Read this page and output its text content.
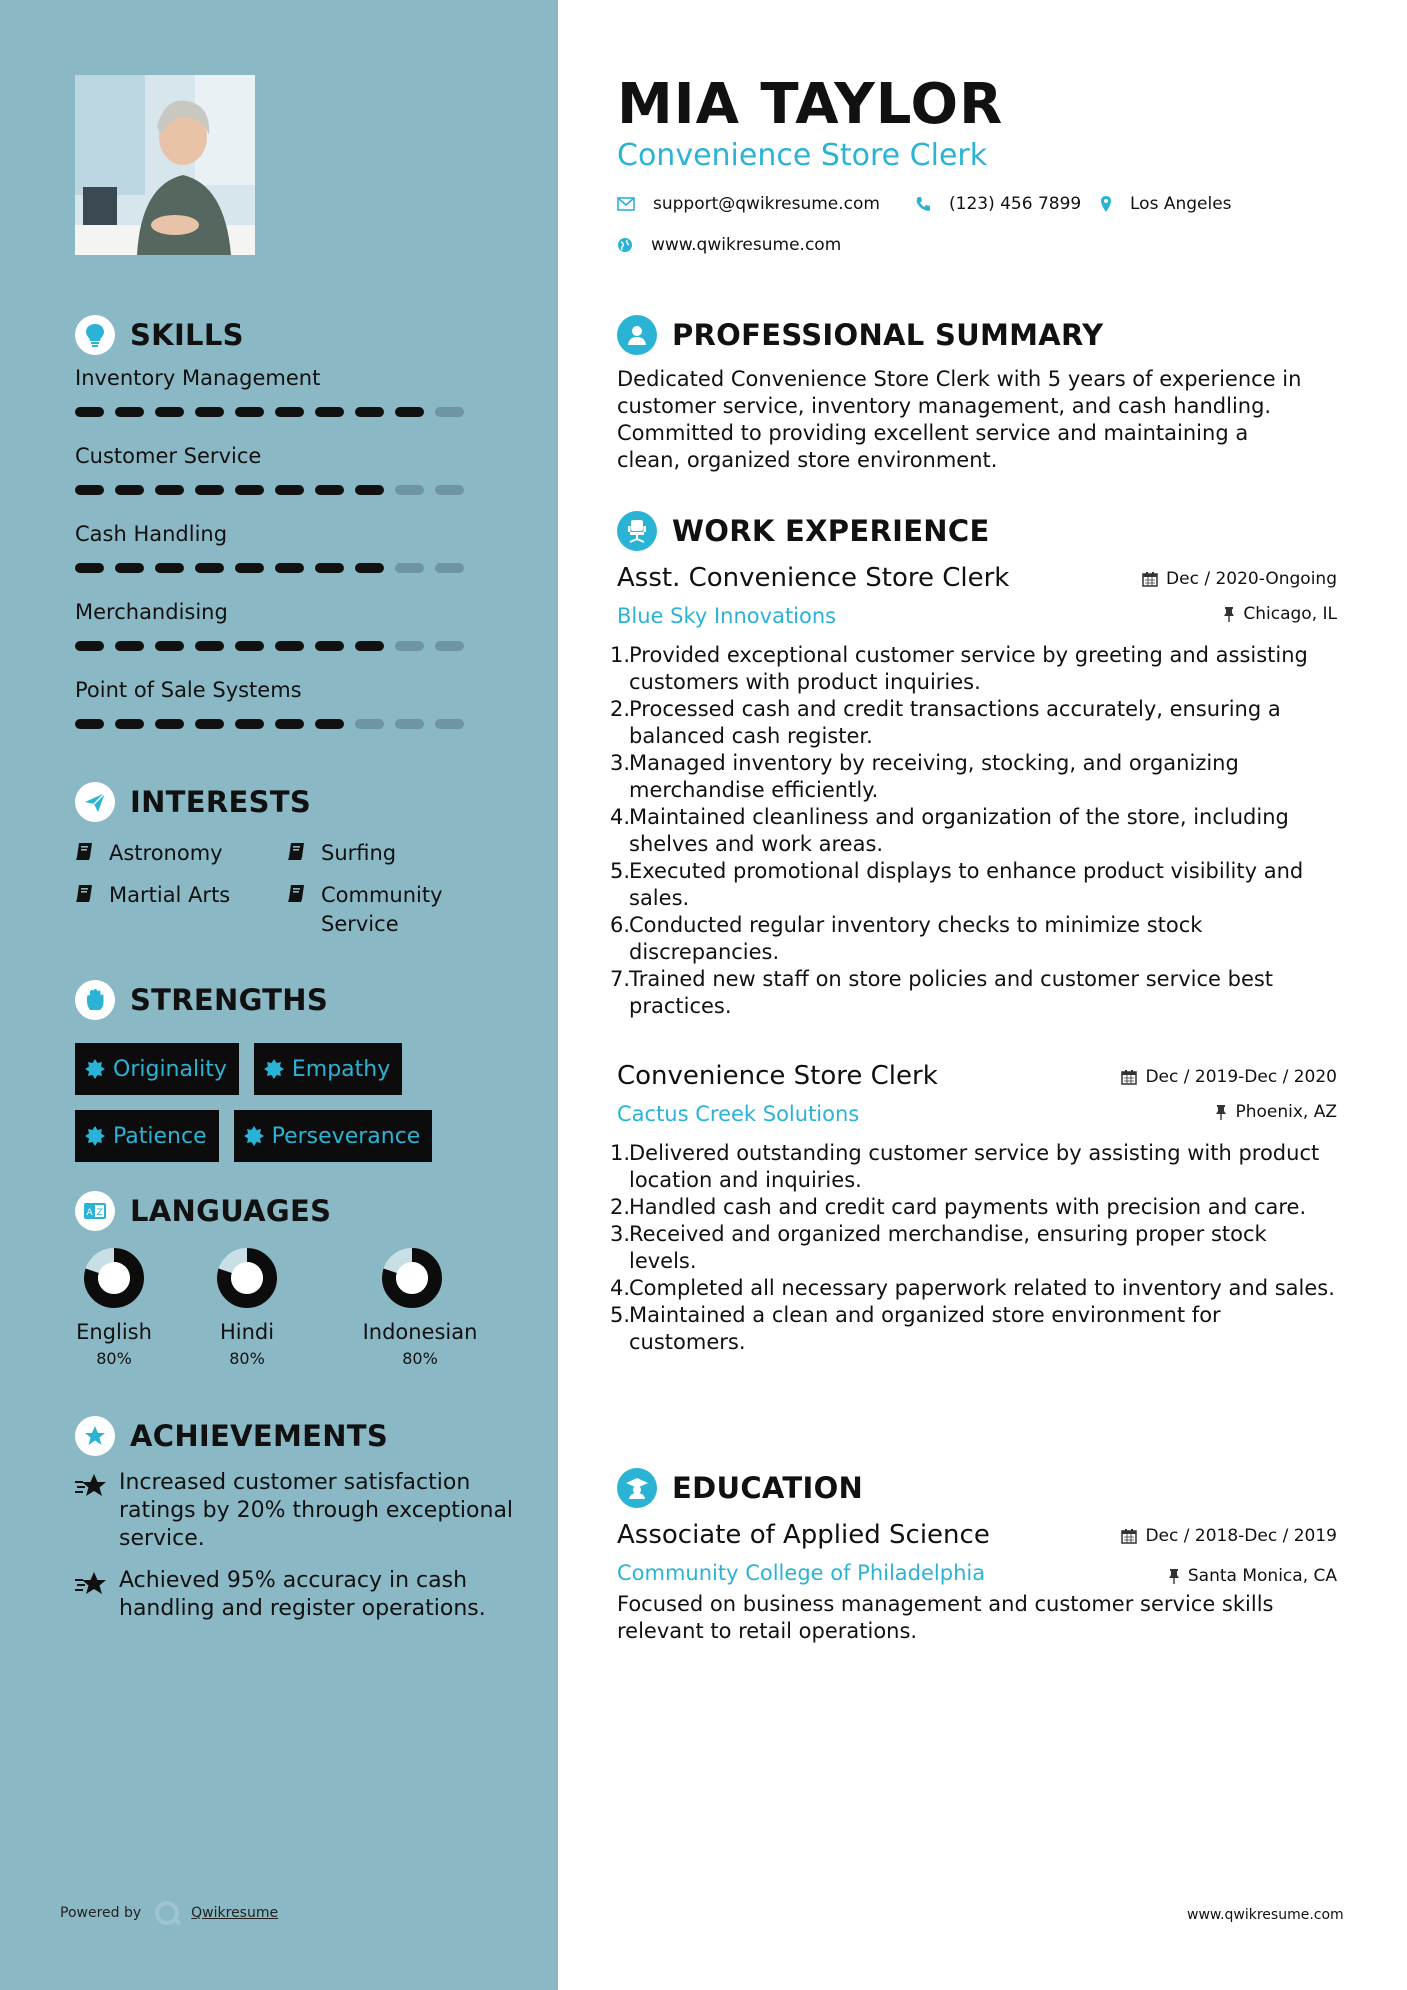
SKILLS
Inventory Management
Customer Service
Cash Handling
Merchandising
Point of Sale Systems
INTERESTS
Astronomy	Surfing
Martial Arts	Community Service
STRENGTHS
Originality	Empathy
Patience	Perseverance
A Z LANGUAGES
English
80%
Hindi
80%
Indonesian
80%
ACHIEVEMENTS
Increased customer satisfaction ratings by 20% through exceptional service.
Achieved 95% accuracy in cash handling and register operations.
Powered by	Qwikresume
MIA TAYLOR
Convenience Store Clerk
support@qwikresume.com	(123) 456 7899	Los Angeles
www.qwikresume.com
PROFESSIONAL SUMMARY

Dedicated Convenience Store Clerk with 5 years of experience in customer service, inventory management, and cash handling. Committed to providing excellent service and maintaining a clean, organized store environment.

WORK EXPERIENCE
Asst. Convenience Store Clerk
Blue Sky Innovations
Dec / 2020-Ongoing
Chicago, IL
1.
Provided exceptional customer service by greeting and assisting customers with product inquiries.
2.
Processed cash and credit transactions accurately, ensuring a balanced cash register.
3.
Managed inventory by receiving, stocking, and organizing merchandise efficiently.
4.
Maintained cleanliness and organization of the store, including shelves and work areas.
5.
Executed promotional displays to enhance product visibility and sales.
6.
Conducted regular inventory checks to minimize stock discrepancies.
7.
Trained new staff on store policies and customer service best practices.
Convenience Store Clerk
Cactus Creek Solutions
Dec / 2019-Dec / 2020
Phoenix, AZ
1.
Delivered outstanding customer service by assisting with product location and inquiries.
2.
Handled cash and credit card payments with precision and care.
3.
Received and organized merchandise, ensuring proper stock levels.
4.
Completed all necessary paperwork related to inventory and sales.
5.
Maintained a clean and organized store environment for customers.
EDUCATION
Associate of Applied Science
Community College of Philadelphia
Dec / 2018-Dec / 2019
Santa Monica, CA

Focused on business management and customer service skills relevant to retail operations.

www.qwikresume.com
